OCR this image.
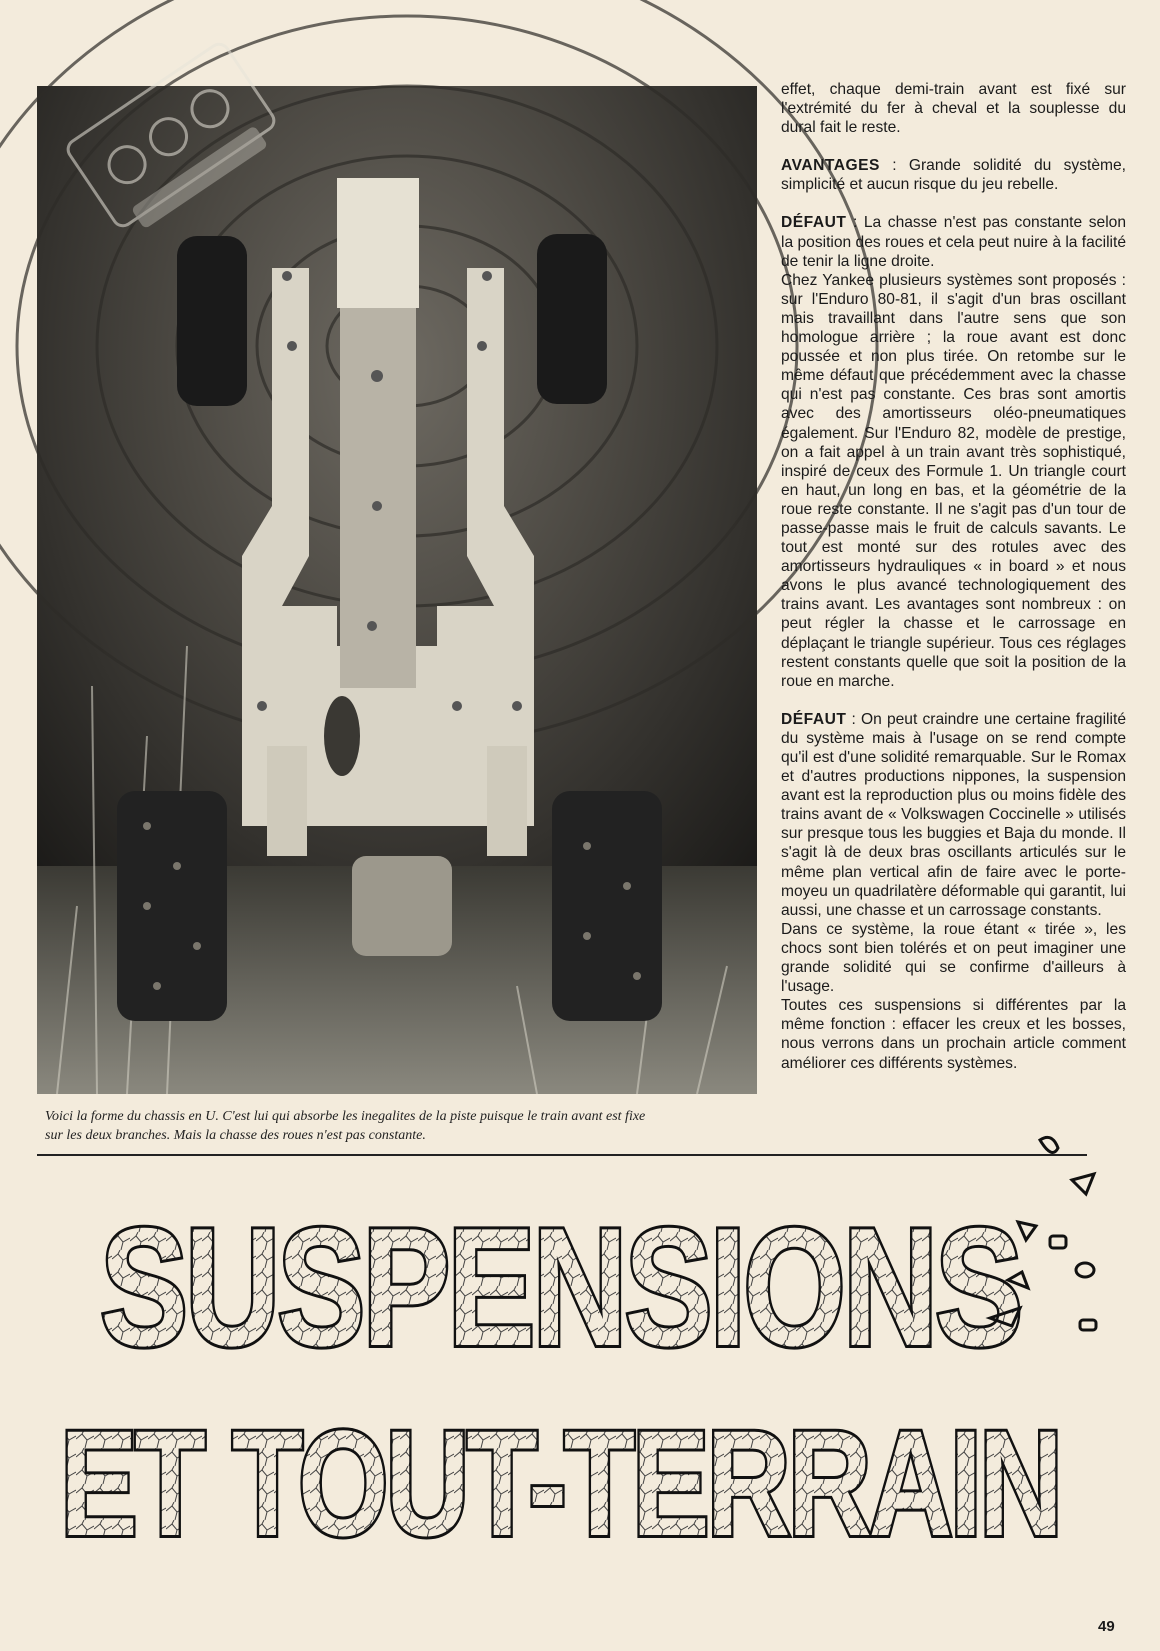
Voici la forme du chassis en U. C'est lui qui absorbe les inegalites de la piste puisque le train avant est fixe
sur les deux branches. Mais la chasse des roues n'est pas constante.

effet, chaque demi-train avant est fixé sur l'extrémité du fer à cheval et la souplesse du dural fait le reste.

AVANTAGES : Grande solidité du système, simplicité et aucun risque du jeu rebelle.

DÉFAUT : La chasse n'est pas constante selon la position des roues et cela peut nuire à la facilité de tenir la ligne droite.

Chez Yankee plusieurs systèmes sont proposés : sur l'Enduro 80-81, il s'agit d'un bras oscillant mais travaillant dans l'autre sens que son homologue arrière ; la roue avant est donc poussée et non plus tirée. On retombe sur le même défaut que précédemment avec la chasse qui n'est pas constante. Ces bras sont amortis avec des amortisseurs oléo-pneumatiques également. Sur l'Enduro 82, modèle de prestige, on a fait appel à un train avant très sophistiqué, inspiré de ceux des Formule 1. Un triangle court en haut, un long en bas, et la géométrie de la roue reste constante. Il ne s'agit pas d'un tour de passe-passe mais le fruit de calculs savants. Le tout est monté sur des rotules avec des amortisseurs hydrauliques « in board » et nous avons le plus avancé technologiquement des trains avant. Les avantages sont nombreux : on peut régler la chasse et le carrossage en déplaçant le triangle supérieur. Tous ces réglages restent constants quelle que soit la position de la roue en marche.

DÉFAUT : On peut craindre une certaine fragilité du système mais à l'usage on se rend compte qu'il est d'une solidité remarquable. Sur le Romax et d'autres productions nippones, la suspension avant est la reproduction plus ou moins fidèle des trains avant de « Volkswagen Coccinelle » utilisés sur presque tous les buggies et Baja du monde. Il s'agit là de deux bras oscillants articulés sur le même plan vertical afin de faire avec le porte-moyeu un quadrilatère déformable qui garantit, lui aussi, une chasse et un carrossage constants.

Dans ce système, la roue étant « tirée », les chocs sont bien tolérés et on peut imaginer une grande solidité qui se confirme d'ailleurs à l'usage.

Toutes ces suspensions si différentes par la même fonction : effacer les creux et les bosses, nous verrons dans un prochain article comment améliorer ces différents systèmes.

SUSPENSIONS
ET TOUT-TERRAIN
49
